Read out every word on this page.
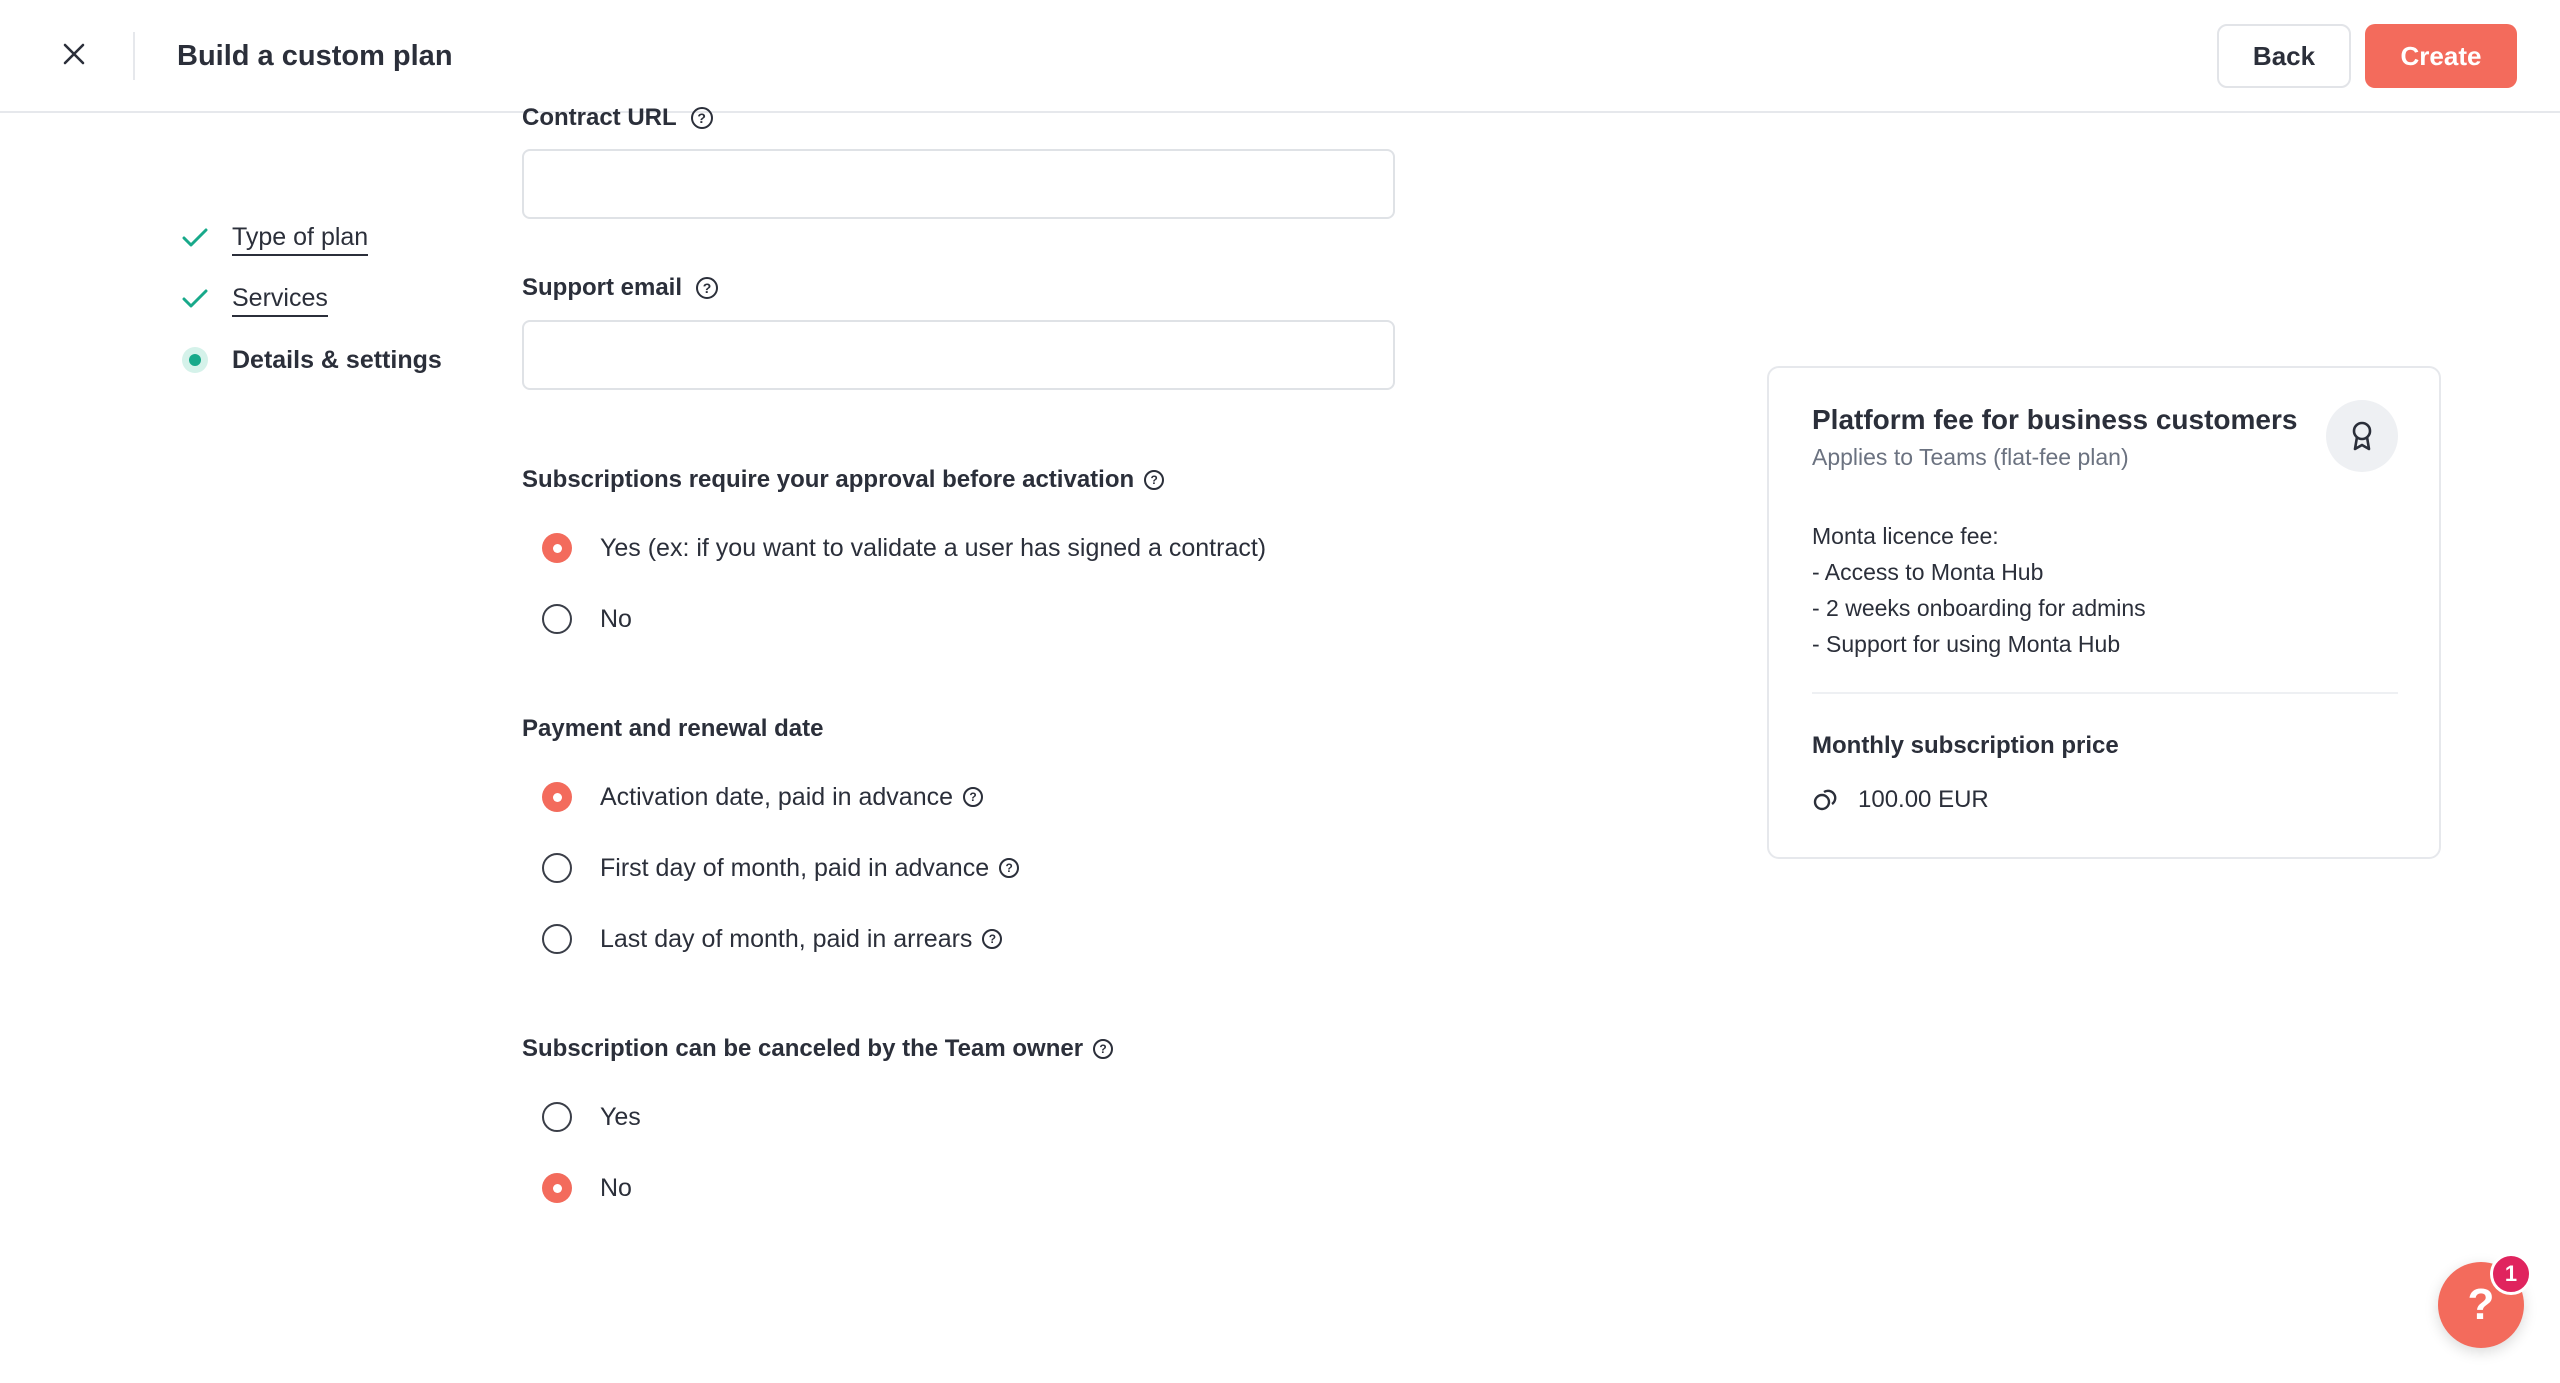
Build a custom plan	Back	Create
Type of plan
Services
Details & settings
Contract URL	?
Support email	?
Subscriptions require your approval before activation	?
Yes (ex: if you want to validate a user has signed a contract)
No
Payment and renewal date
Activation date, paid in advance	?
First day of month, paid in advance	?
Last day of month, paid in arrears	?
Subscription can be canceled by the Team owner	?
Yes
No
Platform fee for business customers
Applies to Teams (flat-fee plan)
Monta licence fee:
- Access to Monta Hub
- 2 weeks onboarding for admins
- Support for using Monta Hub
Monthly subscription price
100.00 EUR
?
1
